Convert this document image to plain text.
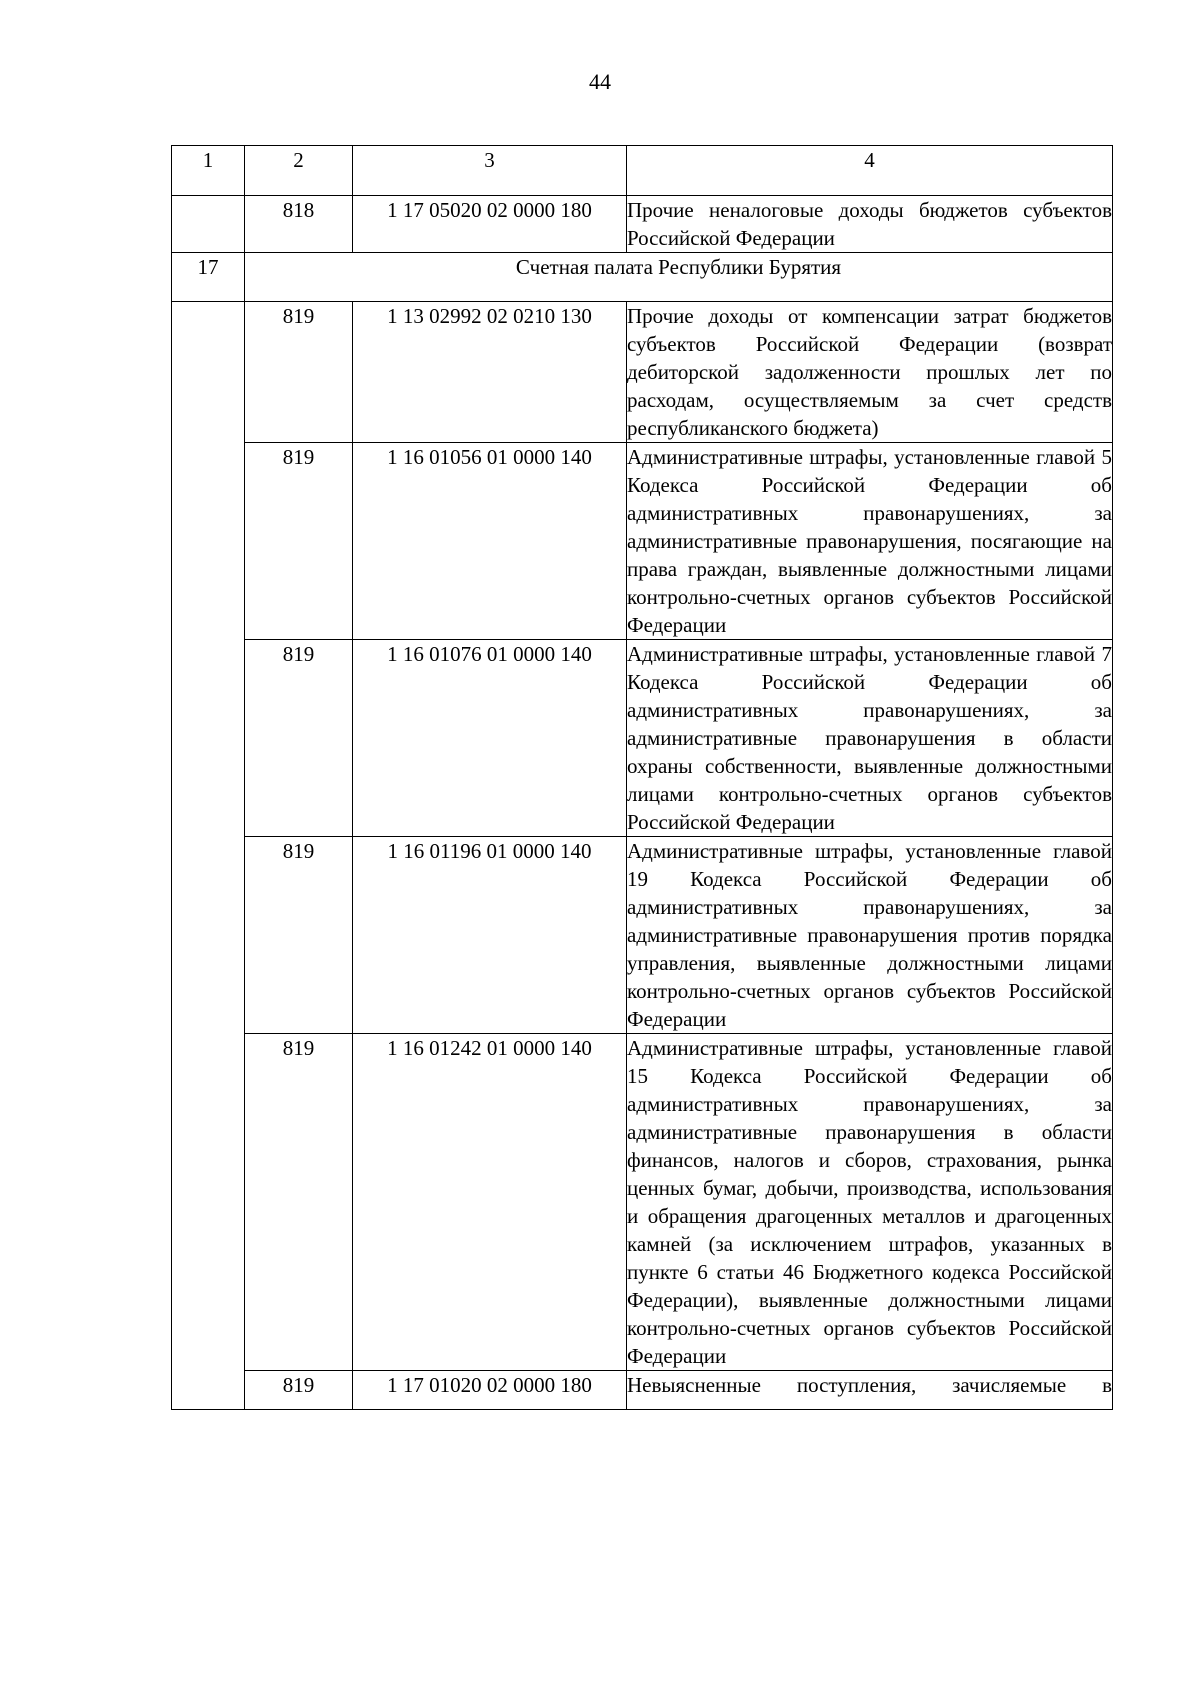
44
1	2	3	4
	818	1 17 05020 02 0000 180	Прочие неналоговые доходы бюджетов субъектов Российской Федерации
17	Счетная палата Республики Бурятия		
	819	1 13 02992 02 0210 130	Прочие доходы от компенсации затрат бюджетов субъектов Российской Федерации (возврат дебиторской задолженности прошлых лет по расходам, осуществляемым за счет средств республиканского бюджета)
	819	1 16 01056 01 0000 140	Административные штрафы, установленные главой 5 Кодекса Российской Федерации об административных правонарушениях, за административные правонарушения, посягающие на права граждан, выявленные должностными лицами контрольно-счетных органов субъектов Российской Федерации
	819	1 16 01076 01 0000 140	Административные штрафы, установленные главой 7 Кодекса Российской Федерации об административных правонарушениях, за административные правонарушения в области охраны собственности, выявленные должностными лицами контрольно-счетных органов субъектов Российской Федерации
	819	1 16 01196 01 0000 140	Административные штрафы, установленные главой 19 Кодекса Российской Федерации об административных правонарушениях, за административные правонарушения против порядка управления, выявленные должностными лицами контрольно-счетных органов субъектов Российской Федерации
	819	1 16 01242 01 0000 140	Административные штрафы, установленные главой 15 Кодекса Российской Федерации об административных правонарушениях, за административные правонарушения в области финансов, налогов и сборов, страхования, рынка ценных бумаг, добычи, производства, использования и обращения драгоценных металлов и драгоценных камней (за исключением штрафов, указанных в пункте 6 статьи 46 Бюджетного кодекса Российской Федерации), выявленные должностными лицами контрольно-счетных органов субъектов Российской Федерации
	819	1 17 01020 02 0000 180	Невыясненные поступления, зачисляемые в
